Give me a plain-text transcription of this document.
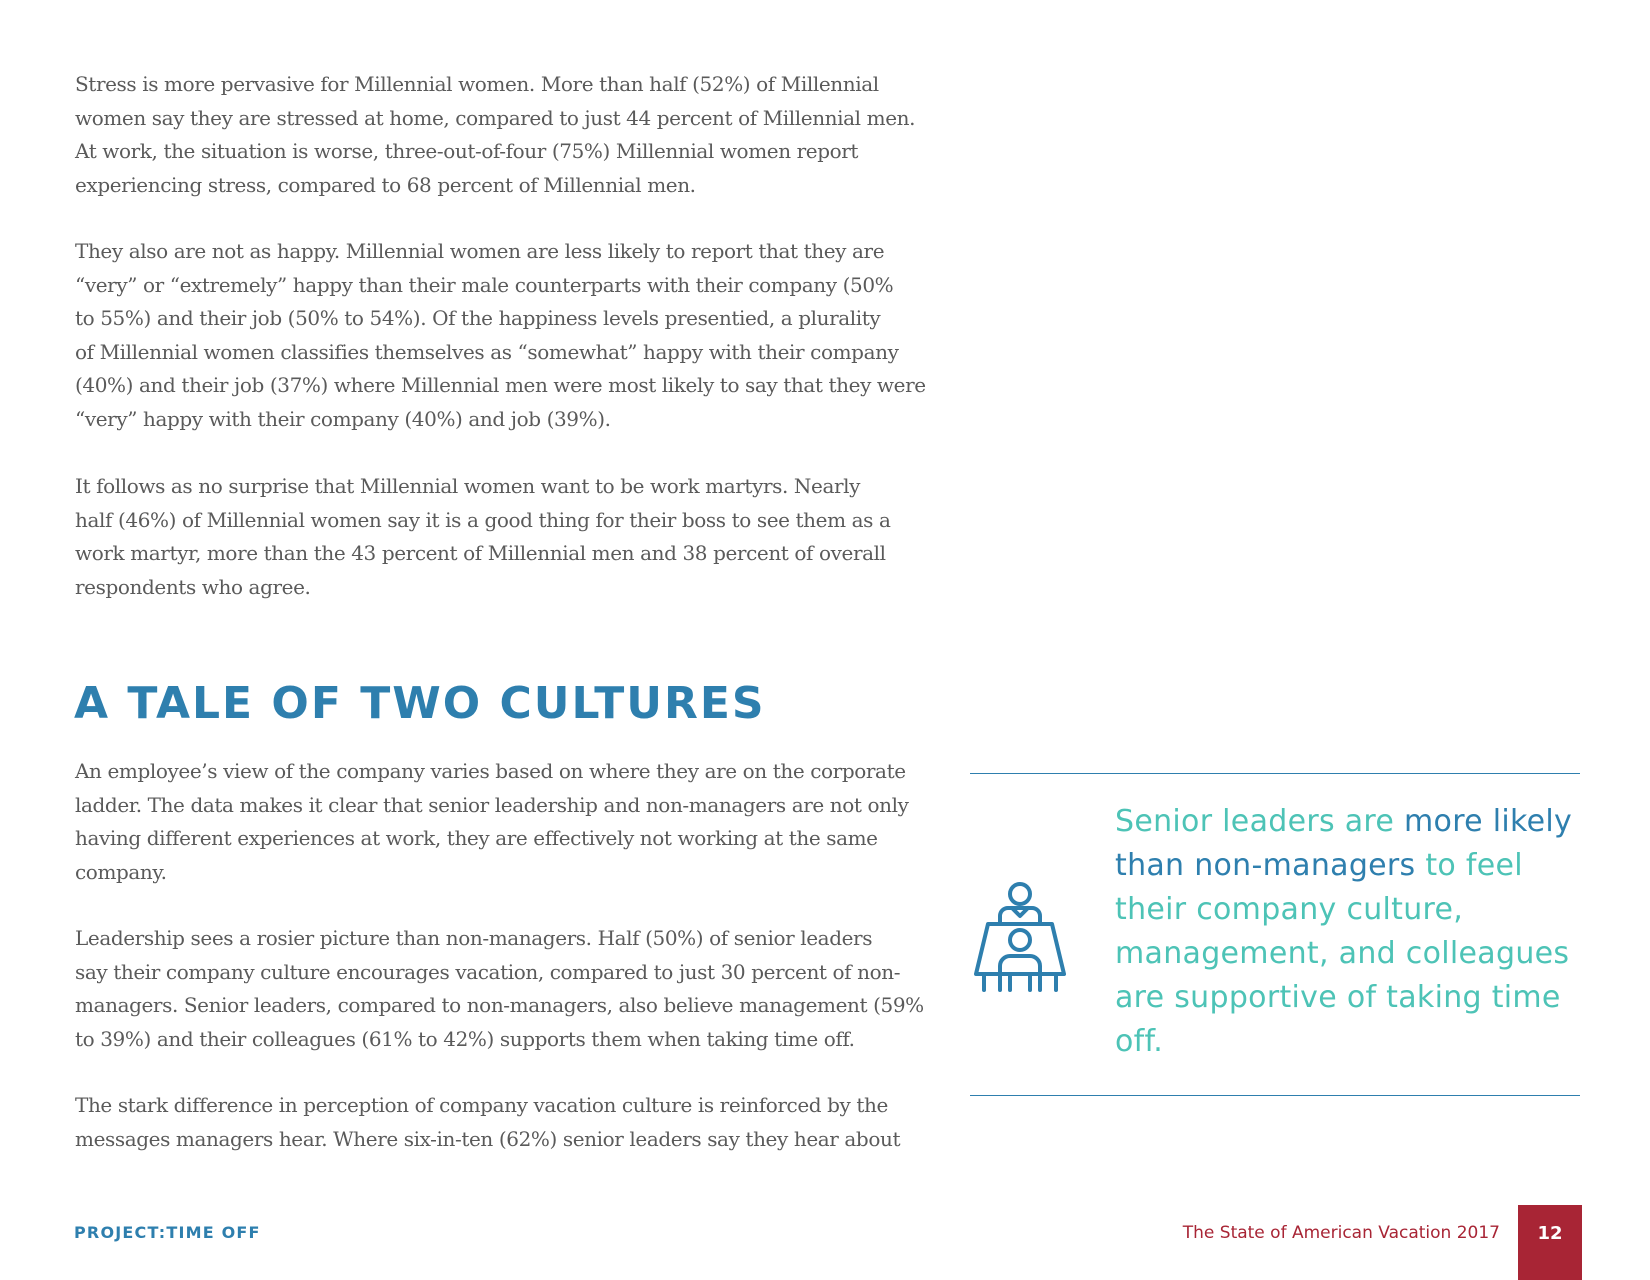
Stress is more pervasive for Millennial women. More than half (52%) of Millennial
women say they are stressed at home, compared to just 44 percent of Millennial men.
At work, the situation is worse, three-out-of-four (75%) Millennial women report
experiencing stress, compared to 68 percent of Millennial men.

They also are not as happy. Millennial women are less likely to report that they are
“very” or “extremely” happy than their male counterparts with their company (50%
to 55%) and their job (50% to 54%). Of the happiness levels presentied, a plurality
of Millennial women classifies themselves as “somewhat” happy with their company
(40%) and their job (37%) where Millennial men were most likely to say that they were
“very” happy with their company (40%) and job (39%).

It follows as no surprise that Millennial women want to be work martyrs. Nearly
half (46%) of Millennial women say it is a good thing for their boss to see them as a
work martyr, more than the 43 percent of Millennial men and 38 percent of overall
respondents who agree.

A TALE OF TWO CULTURES

An employee’s view of the company varies based on where they are on the corporate
ladder. The data makes it clear that senior leadership and non-managers are not only
having different experiences at work, they are effectively not working at the same
company.

Leadership sees a rosier picture than non-managers. Half (50%) of senior leaders
say their company culture encourages vacation, compared to just 30 percent of non-
managers. Senior leaders, compared to non-managers, also believe management (59%
to 39%) and their colleagues (61% to 42%) supports them when taking time off.

The stark difference in perception of company vacation culture is reinforced by the
messages managers hear. Where six-in-ten (62%) senior leaders say they hear about

Senior leaders are more likely than non-managers to feel their company culture, management, and colleagues are supportive of taking time off.

PROJECT:TIME OFF	The State of American Vacation 2017	12
